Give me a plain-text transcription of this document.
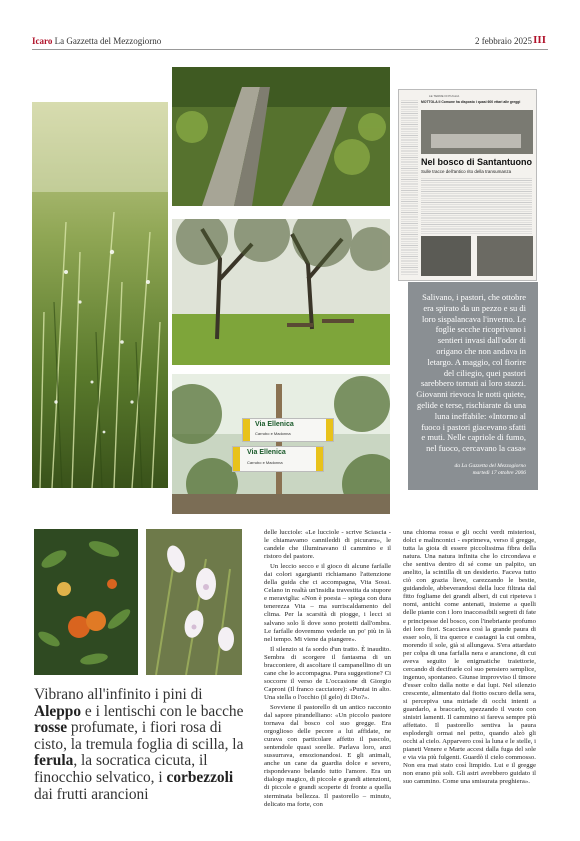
Icaro La Gazzetta del Mezzogiorno	2 febbraio 2025 III
Via Ellenica
Carrubo e Madonna
Via Ellenica
Carrubo e Madonna
LE TERRE DI PUGLIA
MOTTOLA Il Comune ha disposto i quasi 600 ettari alle greggi
Nel bosco di Santantuono
Sulle tracce dell'antico rito della transumanza
Salivano, i pastori, che ottobre era spirato da un pezzo e su di loro sispalancava l'inverno. Le foglie secche ricoprivano i sentieri invasi dall'odor di origano che non andava in letargo. A maggio, col fiorire del ciliegio, quei pastori sarebbero tornati ai loro stazzi. Giovanni rievoca le notti quiete, gelide e terse, rischiarate da una luna ineffabile: «Intorno al fuoco i pastori giacevano sfatti e muti. Nelle capriole di fumo, nel fuoco, cercavano la casa»
da La Gazzetta del Mezzogiorno
martedì 17 ottobre 2006
Vibrano all'infinito i pini di Aleppo e i lentischi con le bacche rosse profumate, i fiori rosa di cisto, la tremula foglia di scilla, la ferula, la socratica cicuta, il finocchio selvatico, i corbezzoli dai frutti arancioni

delle lucciole: «Le lucciole - scrive Sciascia - le chiamavamo cannileddi di picuraru», le candele che illuminavano il cammino e il ristoro del pastore.

Un leccio secco e il gioco di alcune farfalle dai colori sgargianti richiamano l'attenzione della guida che ci accompagna, Vita Sossi. Celano in realtà un'insidia travestita da stupore e meraviglia: «Non è poesia – spiega con dura tenerezza Vita – ma surriscaldamento del clima. Per la scarsità di piogge, i lecci si salvano solo lì dove sono protetti dall'ombra. Le farfalle dovremmo vederle un po' più in là nel tempo. Mi viene da piangere».

Il silenzio si fa sordo d'un tratto. È inaudito. Sembra di scorgere il fantasma di un bracconiere, di ascoltare il campanellino di un cane che lo accompagna. Pura suggestione? Ci soccorre il verso de L'occasione di Giorgio Caproni (Il franco cacciatore): «Puntai in alto. Una stella o l'occhio (il gelo) di Dio?».

Sovviene il pastorello di un antico racconto dal sapore pirandelliano: «Un piccolo pastore tornava dal bosco col suo gregge. Era orgoglioso delle pecore a lui affidate, ne curava con particolare affetto il pascolo, sentendole quasi sorelle. Parlava loro, anzi sussurrava, emozionandosi. E gli animali, anche un cane da guardia dolce e severo, rispondevano belando tutto l'amore. Era un dialogo magico, di piccole e grandi attenzioni, di piccole e grandi scoperte di fronte a quella sterminata bellezza. Il pastorello – minuto, delicato ma forte, con

una chioma rossa e gli occhi verdi misteriosi, dolci e malinconici - esprimeva, verso il gregge, tutta la gioia di essere piccolissima fibra della natura. Una natura infinita che lo circondava e che sentiva dentro di sé come un palpito, un anelito, la scintilla di un desiderio. Faceva tutto ciò con grazia lieve, carezzando le bestie, guidandole, abbeverandosi della luce filtrata dal fitto fogliame dei grandi alberi, di cui ripeteva i nomi, antichi come antenati, insieme a quelli delle piante con i loro inaccessibili segreti di fate e principesse del bosco, con l'inebriante profumo dei loro fiori. Scacciava così la grande paura di esser solo, lì tra querce e castagni la cui ombra, morendo il sole, già si allungava. S'era attardato per colpa di una farfalla nera e arancione, di cui aveva seguito le enigmatiche traiettorie, cercando di decifrarle col suo pensiero semplice, ingenuo, spontaneo. Giunse improvviso il timore d'esser colto dalla notte e dai lupi. Nel silenzio crescente, alimentato dal fiotto oscuro della sera, si percepiva una miriade di occhi intenti a guardarlo, a braccarlo, spezzando il vuoto con sinistri lamenti. Il cammino si fareva sempre più affettato. Il pastorello sentiva la paura esplodergli ormai nel petto, quando alzò gli occhi al cielo. Apparvero così la luna e le stelle, i pianeti Venere e Marte accesi dalla fuga del sole e via via più fulgenti. Guardò il cielo commosso. Non era mai stato così limpido. Lui e il gregge non erano più soli. Gli astri avrebbero guidato il suo cammino. Come una smisurata preghiera».
